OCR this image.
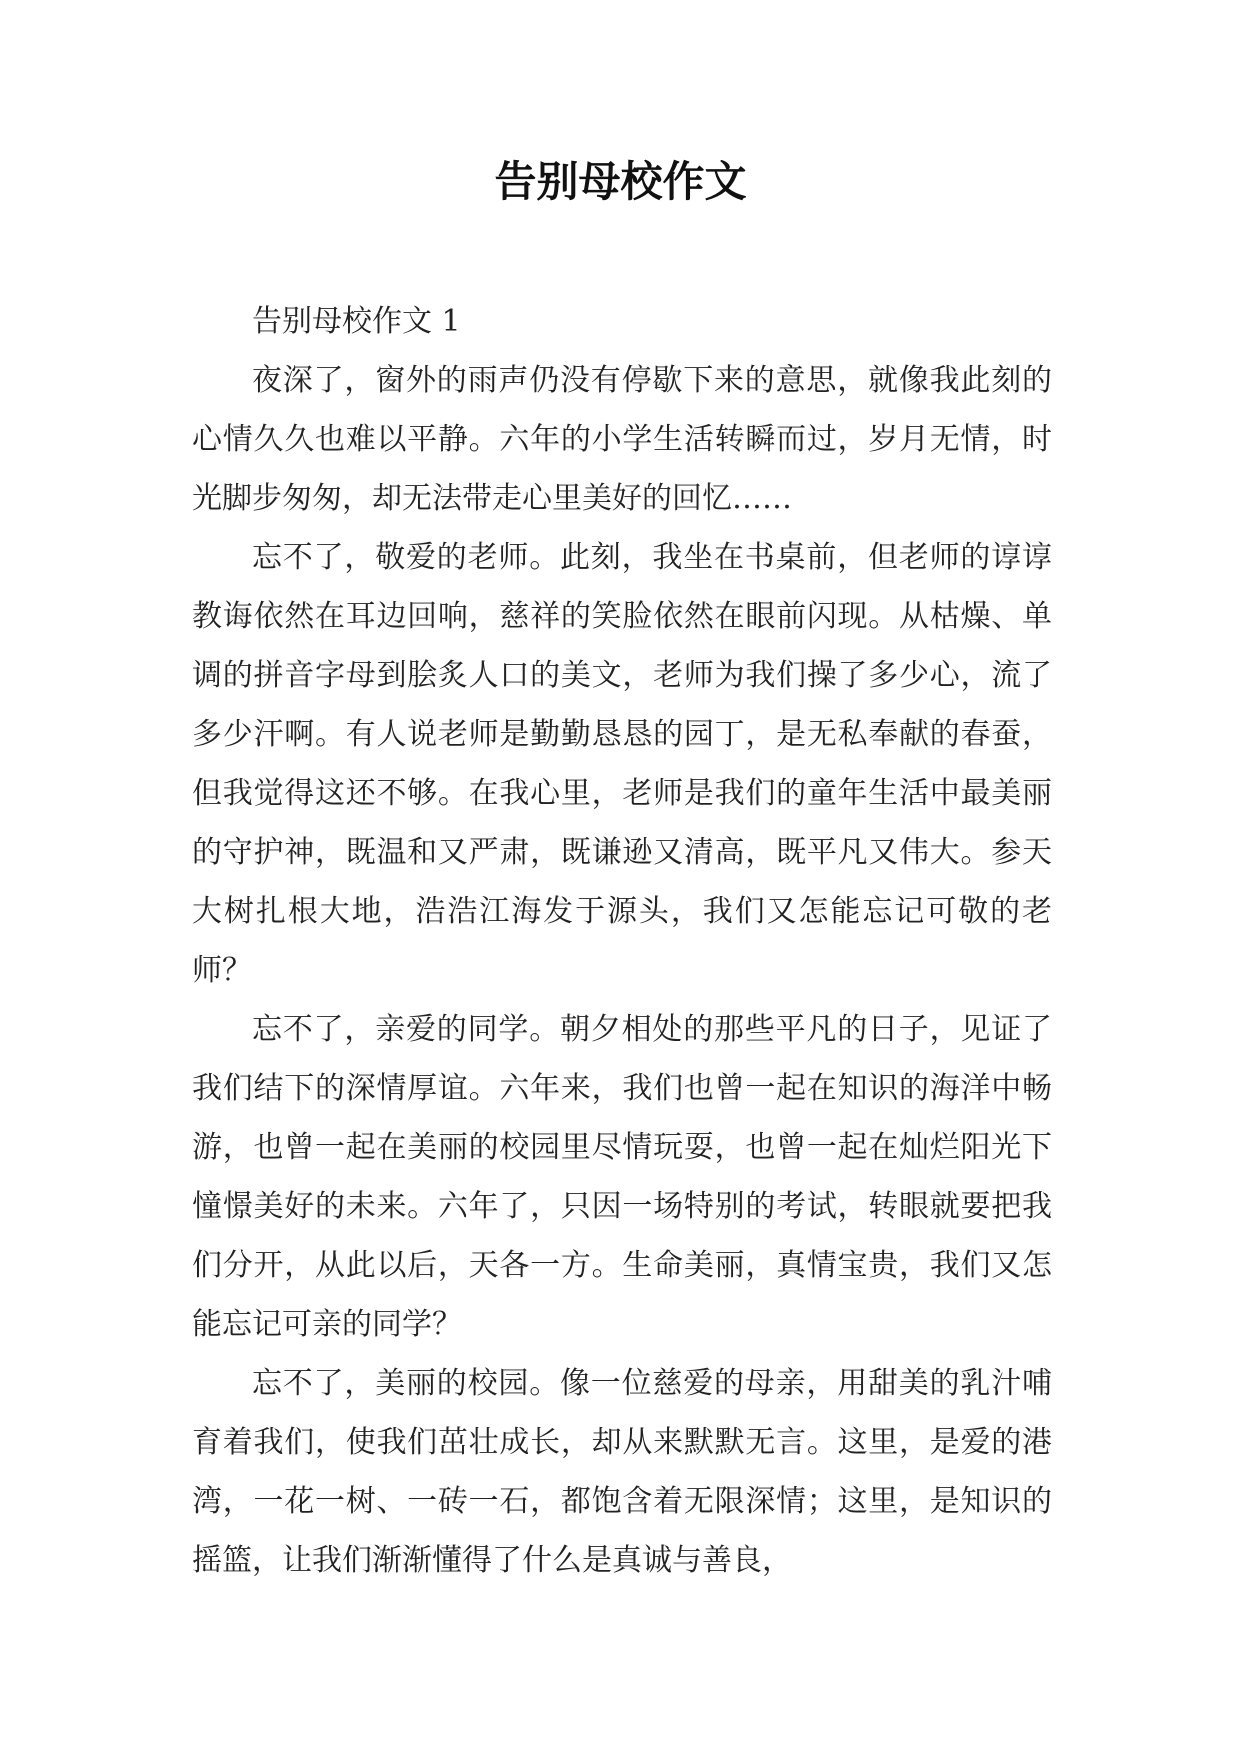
告别母校作文

告别母校作文 1

夜深了，窗外的雨声仍没有停歇下来的意思，就像我此刻的心情久久也难以平静。六年的小学生活转瞬而过，岁月无情，时光脚步匆匆，却无法带走心里美好的回忆……

忘不了，敬爱的老师。此刻，我坐在书桌前，但老师的谆谆教诲依然在耳边回响，慈祥的笑脸依然在眼前闪现。从枯燥、单调的拼音字母到脍炙人口的美文，老师为我们操了多少心，流了多少汗啊。有人说老师是勤勤恳恳的园丁，是无私奉献的春蚕，但我觉得这还不够。在我心里，老师是我们的童年生活中最美丽的守护神，既温和又严肃，既谦逊又清高，既平凡又伟大。参天大树扎根大地，浩浩江海发于源头，我们又怎能忘记可敬的老师？

忘不了，亲爱的同学。朝夕相处的那些平凡的日子，见证了我们结下的深情厚谊。六年来，我们也曾一起在知识的海洋中畅游，也曾一起在美丽的校园里尽情玩耍，也曾一起在灿烂阳光下憧憬美好的未来。六年了，只因一场特别的考试，转眼就要把我们分开，从此以后，天各一方。生命美丽，真情宝贵，我们又怎能忘记可亲的同学？

忘不了，美丽的校园。像一位慈爱的母亲，用甜美的乳汁哺育着我们，使我们茁壮成长，却从来默默无言。这里，是爱的港湾，一花一树、一砖一石，都饱含着无限深情；这里，是知识的摇篮，让我们渐渐懂得了什么是真诚与善良，
